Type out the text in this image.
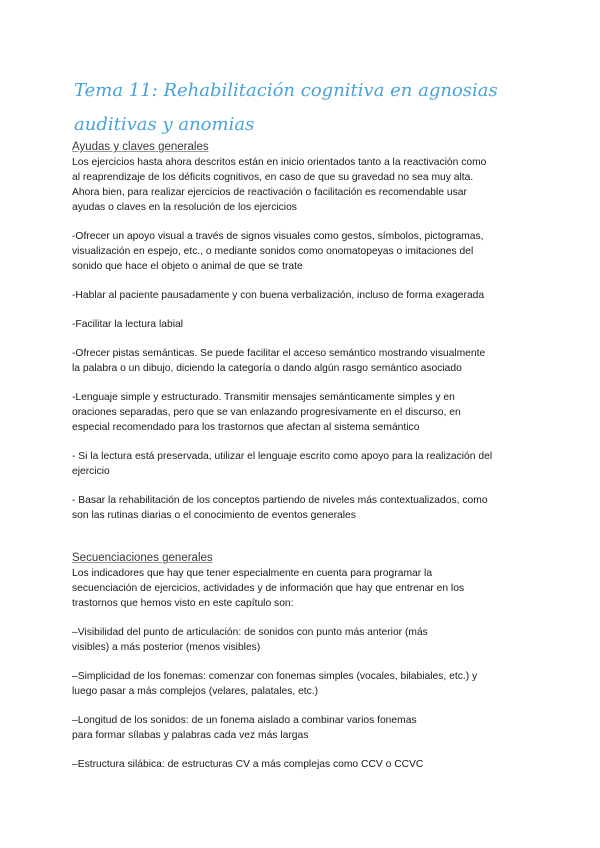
Tema 11: Rehabilitación cognitiva en agnosias auditivas y anomias
Ayudas y claves generales

Los ejercicios hasta ahora descritos están en inicio orientados tanto a la reactivación como
al reaprendizaje de los déficits cognitivos, en caso de que su gravedad no sea muy alta.
Ahora bien, para realizar ejercicios de reactivación o facilitación es recomendable usar
ayudas o claves en la resolución de los ejercicios

-Ofrecer un apoyo visual a través de signos visuales como gestos, símbolos, pictogramas,
visualización en espejo, etc., o mediante sonidos como onomatopeyas o imitaciones del
sonido que hace el objeto o animal de que se trate

-Hablar al paciente pausadamente y con buena verbalización, incluso de forma exagerada

-Facilitar la lectura labial

-Ofrecer pistas semánticas. Se puede facilitar el acceso semántico mostrando visualmente
la palabra o un dibujo, diciendo la categoría o dando algún rasgo semántico asociado

-Lenguaje simple y estructurado. Transmitir mensajes semánticamente simples y en
oraciones separadas, pero que se van enlazando progresivamente en el discurso, en
especial recomendado para los trastornos que afectan al sistema semántico

- Si la lectura está preservada, utilizar el lenguaje escrito como apoyo para la realización del
ejercicio

- Basar la rehabilitación de los conceptos partiendo de niveles más contextualizados, como
son las rutinas diarias o el conocimiento de eventos generales

Secuenciaciones generales

Los indicadores que hay que tener especialmente en cuenta para programar la
secuenciación de ejercicios, actividades y de información que hay que entrenar en los
trastornos que hemos visto en este capítulo son:

–Visibilidad del punto de articulación: de sonidos con punto más anterior (más
visibles) a más posterior (menos visibles)

–Simplicidad de los fonemas: comenzar con fonemas simples (vocales, bilabiales, etc.) y
luego pasar a más complejos (velares, palatales, etc.)

–Longitud de los sonidos: de un fonema aislado a combinar varios fonemas
para formar sílabas y palabras cada vez más largas

–Estructura silábica: de estructuras CV a más complejas como CCV o CCVC
